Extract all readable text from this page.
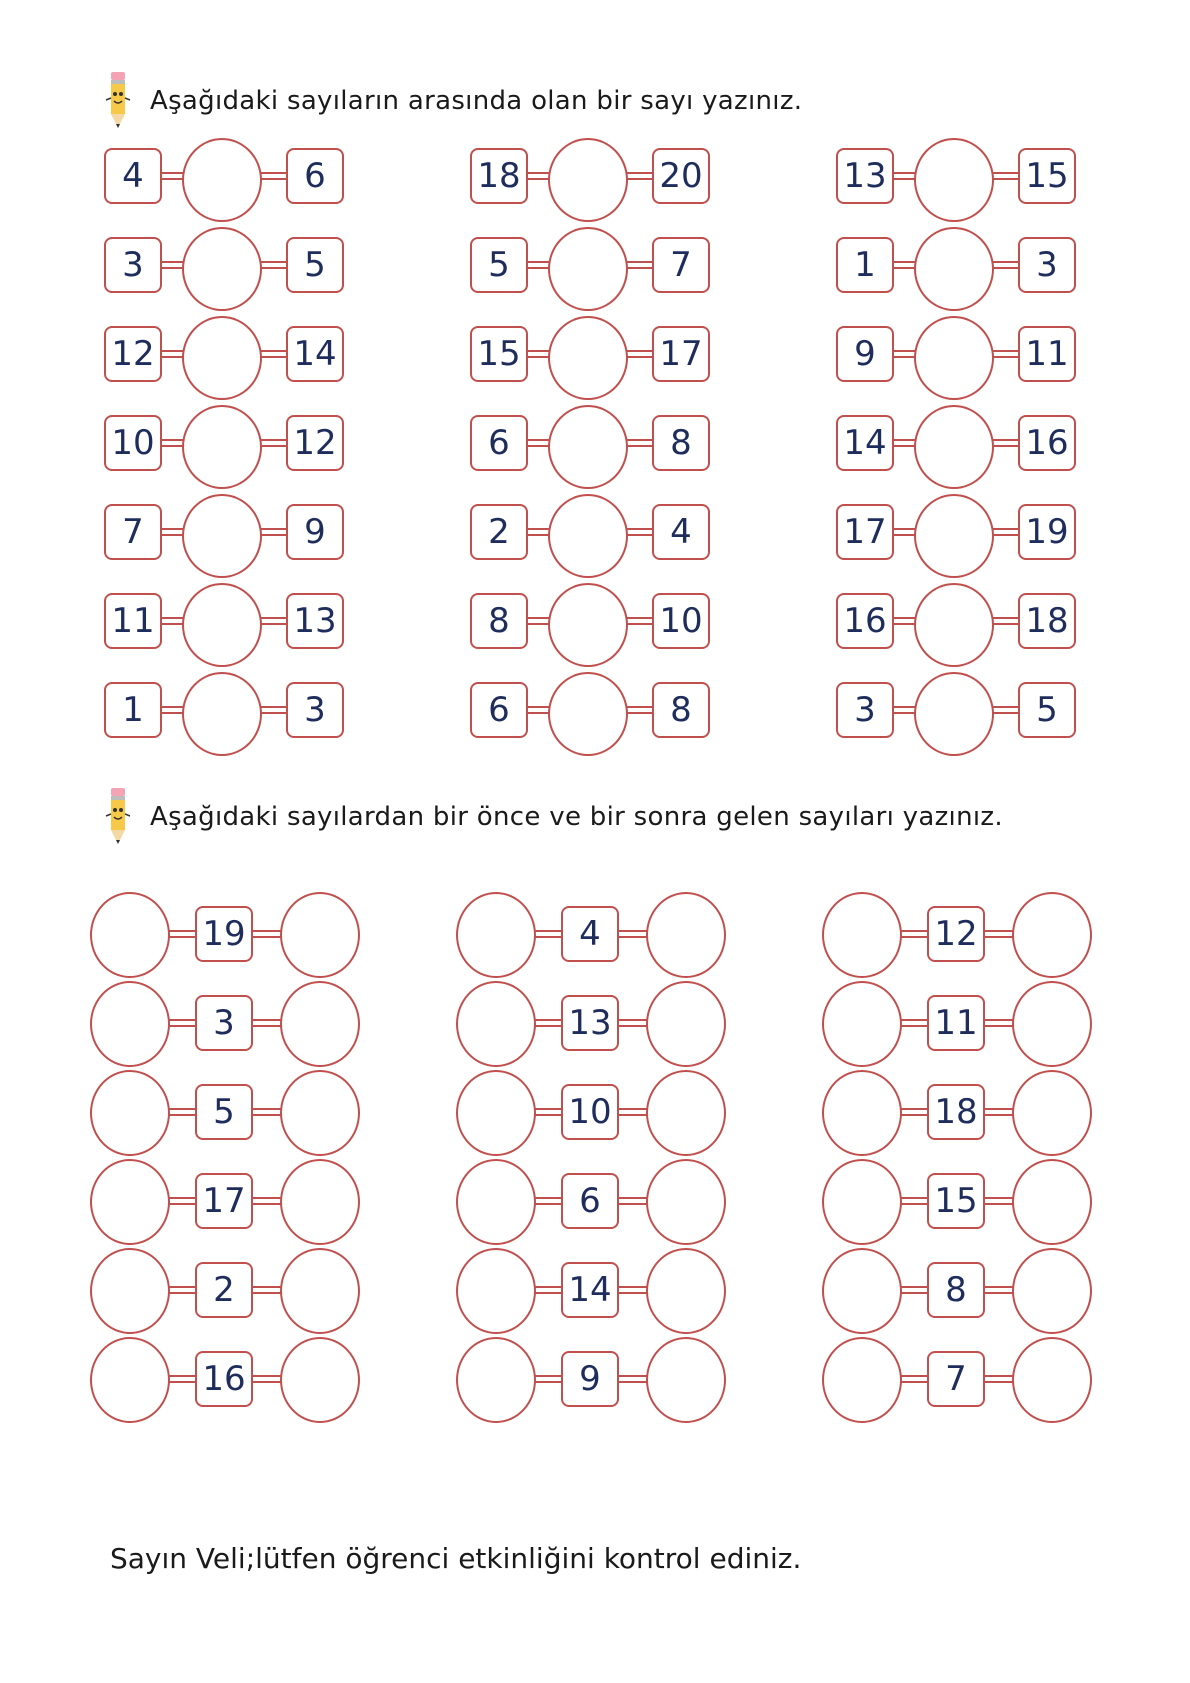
Aşağıdaki sayıların arasında olan bir sayı yazınız.
4	6
3	5
12	14
10	12
7	9
11	13
1	3
18	20
5	7
15	17
6	8
2	4
8	10
6	8
13	15
1	3
9	11
14	16
17	19
16	18
3	5
Aşağıdaki sayılardan bir önce ve bir sonra gelen sayıları yazınız.
19
3
5
17
2
16
4
13
10
6
14
9
12
11
18
15
8
7
Sayın Veli;lütfen öğrenci etkinliğini kontrol ediniz.
